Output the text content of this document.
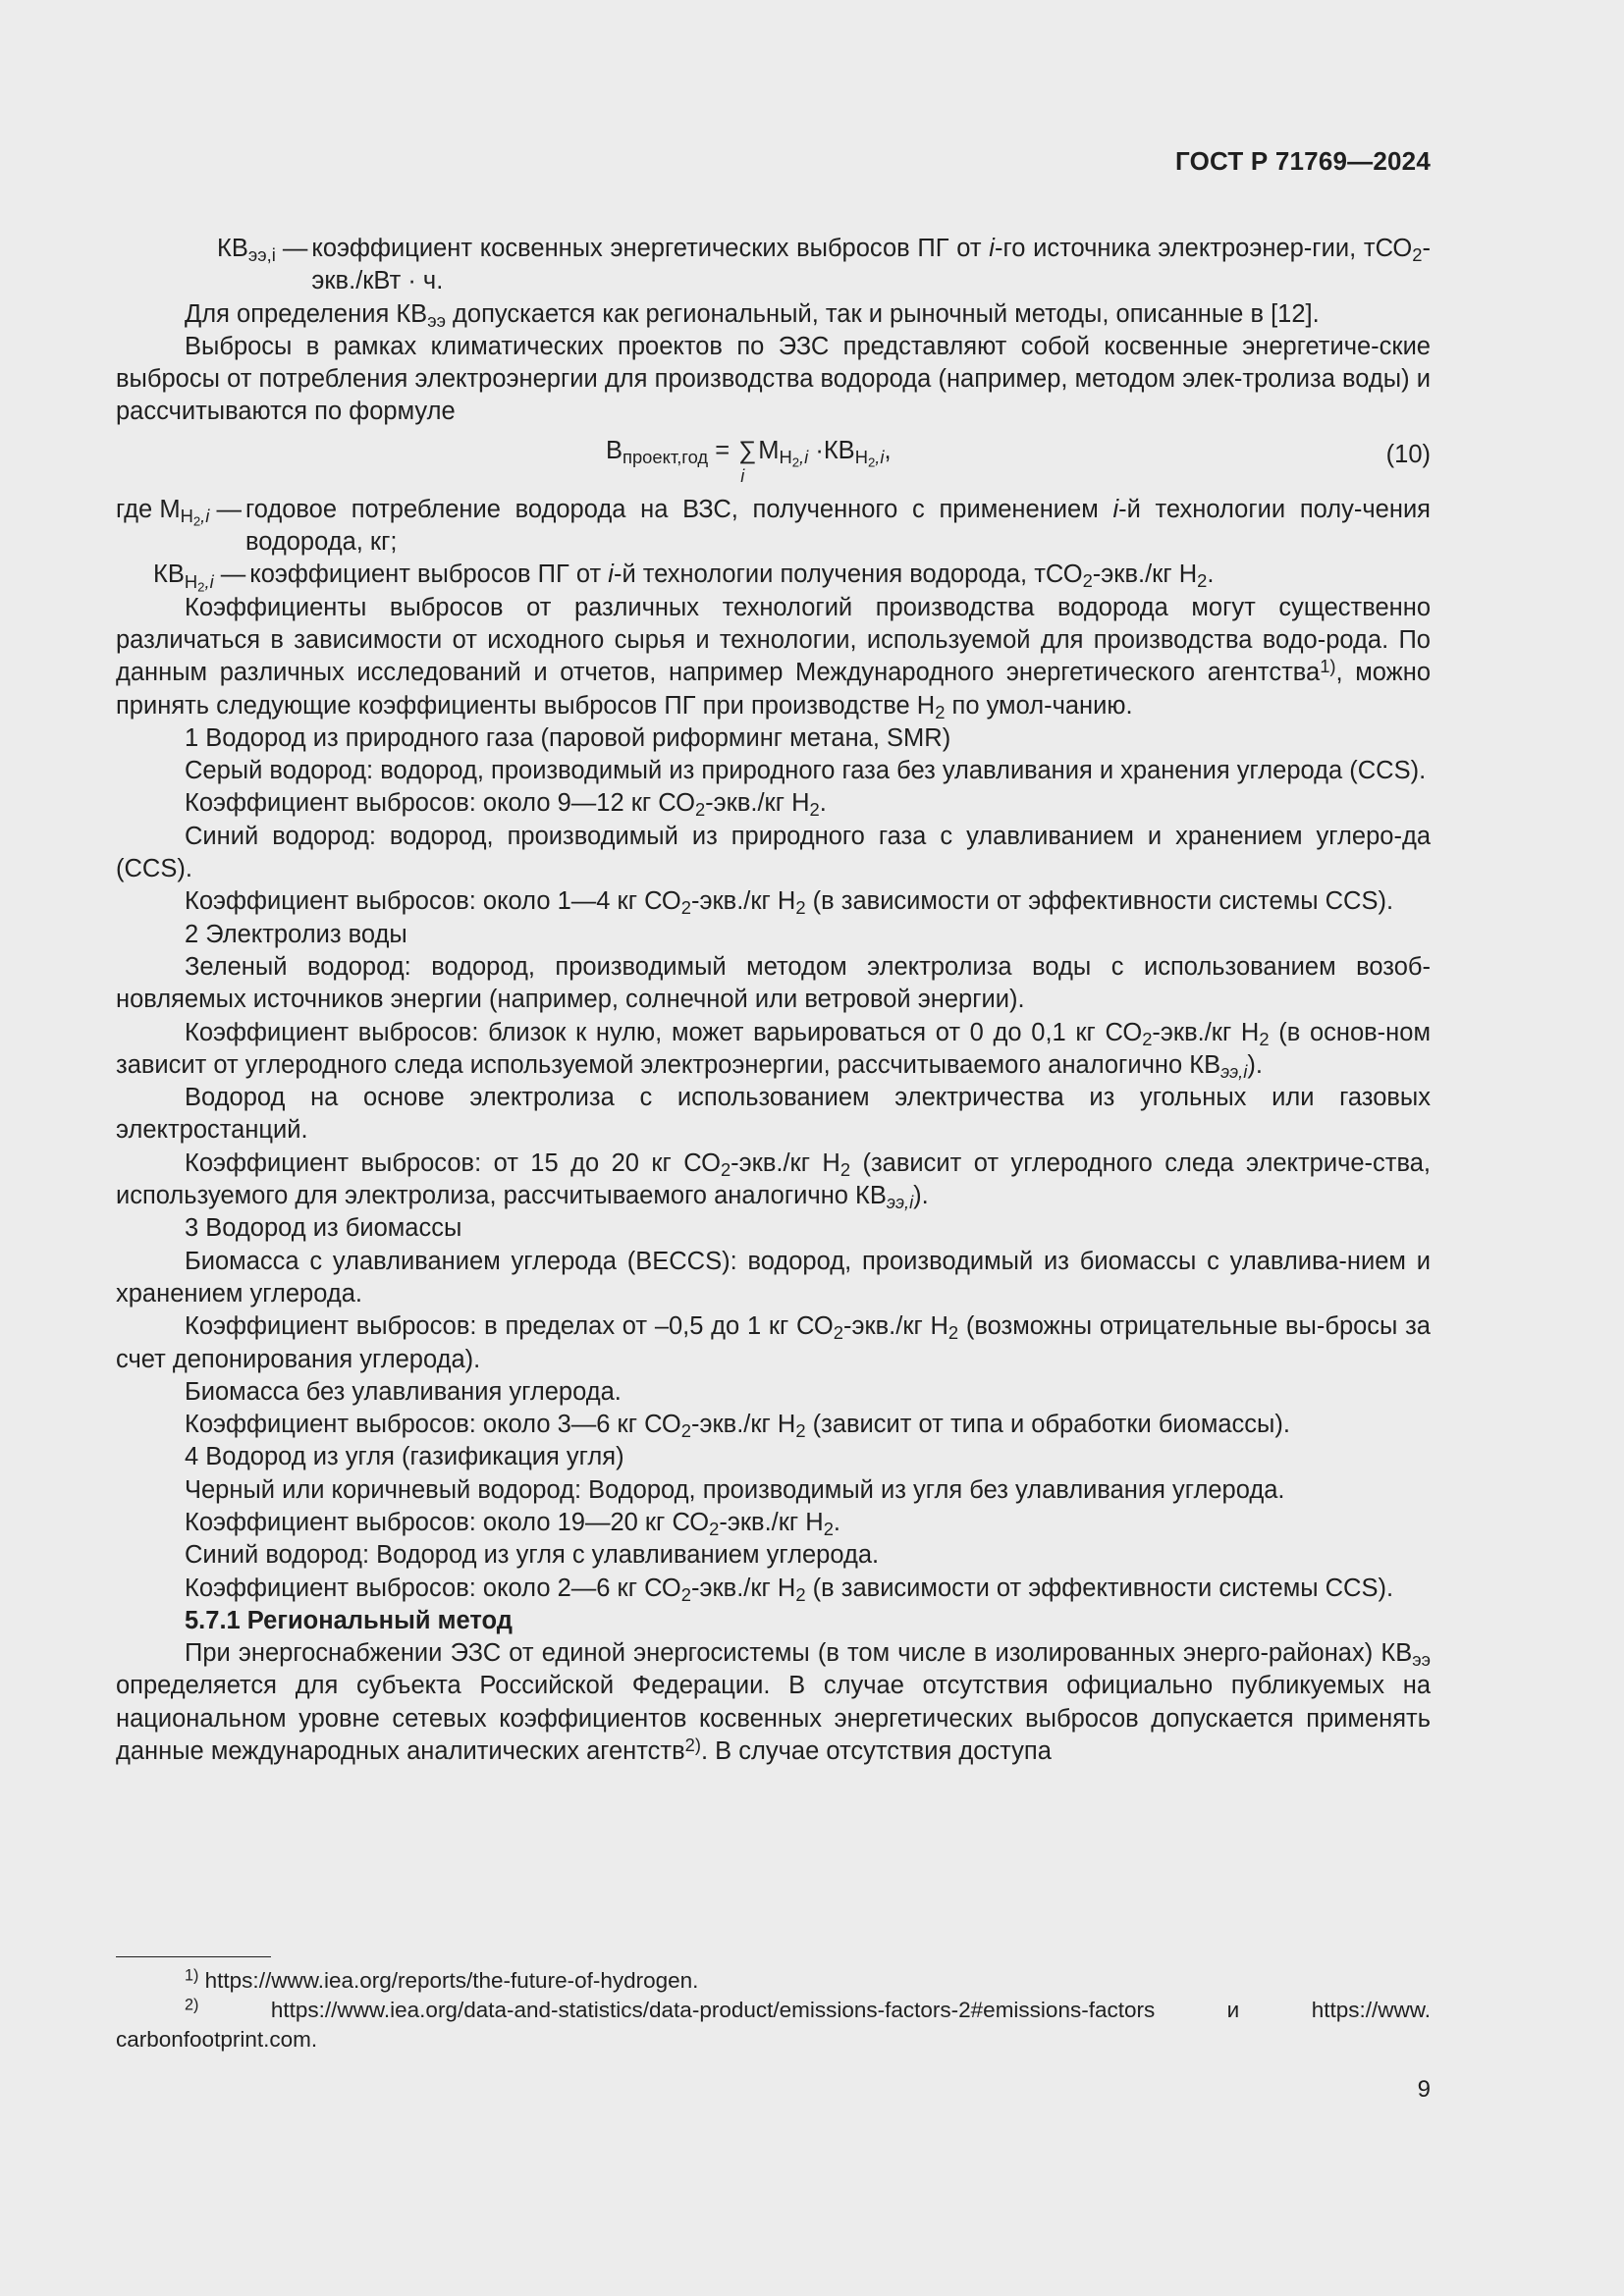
ГОСТ Р 71769—2024
$КВ_{ээ,i}$ — коэффициент косвенных энергетических выбросов ПГ от i-го источника электроэнер-гии, тСО$_2$-экв./кВт · ч.

Для определения $КВ_{ээ}$ допускается как региональный, так и рыночный методы, описанные в [12].

Выбросы в рамках климатических проектов по ЭЗС представляют собой косвенные энергетиче-ские выбросы от потребления электроэнергии для производства водорода (например, методом элек-тролиза воды) и рассчитываются по формуле

$В_{проект,год}$ = ∑
i
$М_{Н_2,i} \cdot КВ_{Н_2,i}$,	(10)
где $М_{Н_2,i}$ — годовое потребление водорода на ВЗС, полученного с применением i-й технологии полу-чения водорода, кг;
$КВ_{Н_2,i}$ — коэффициент выбросов ПГ от i-й технологии получения водорода, тСО$_2$-экв./кг $Н_2$.

Коэффициенты выбросов от различных технологий производства водорода могут существенно различаться в зависимости от исходного сырья и технологии, используемой для производства водо-рода. По данным различных исследований и отчетов, например Международного энергетического агентства$^{1)}$, можно принять следующие коэффициенты выбросов ПГ при производстве $Н_2$ по умол-чанию.

1 Водород из природного газа (паровой риформинг метана, SMR)

Серый водород: водород, производимый из природного газа без улавливания и хранения углерода (CCS).

Коэффициент выбросов: около 9—12 кг $СО_2-экв./кг$ $Н_2$.

Синий водород: водород, производимый из природного газа с улавливанием и хранением углеро-да (CCS).

Коэффициент выбросов: около 1—4 кг $СО_2-экв./кг$ $Н_2$ (в зависимости от эффективности системы CCS).

2 Электролиз воды

Зеленый водород: водород, производимый методом электролиза воды с использованием возоб-новляемых источников энергии (например, солнечной или ветровой энергии).

Коэффициент выбросов: близок к нулю, может варьироваться от 0 до 0,1 кг $СО_2-экв./кг$ $Н_2$ (в основ-ном зависит от углеродного следа используемой электроэнергии, рассчитываемого аналогично $КВ_{ээ,i}$).

Водород на основе электролиза с использованием электричества из угольных или газовых электростанций.

Коэффициент выбросов: от 15 до 20 кг $СО_2-экв./кг$ $Н_2$ (зависит от углеродного следа электриче-ства, используемого для электролиза, рассчитываемого аналогично $КВ_{ээ,i}$).

3 Водород из биомассы

Биомасса с улавливанием углерода (BECCS): водород, производимый из биомассы с улавлива-нием и хранением углерода.

Коэффициент выбросов: в пределах от –0,5 до 1 кг $СО_2-экв./кг$ $Н_2$ (возможны отрицательные вы-бросы за счет депонирования углерода).

Биомасса без улавливания углерода.

Коэффициент выбросов: около 3—6 кг $СО_2-экв./кг$ $Н_2$ (зависит от типа и обработки биомассы).

4 Водород из угля (газификация угля)

Черный или коричневый водород: Водород, производимый из угля без улавливания углерода.

Коэффициент выбросов: около 19—20 кг $СО_2-экв./кг$ $Н_2$.

Синий водород: Водород из угля с улавливанием углерода.

Коэффициент выбросов: около 2—6 кг $СО_2-экв./кг$ $Н_2$ (в зависимости от эффективности системы CCS).

5.7.1 Региональный метод

При энергоснабжении ЭЗС от единой энергосистемы (в том числе в изолированных энерго-районах) $КВ_{ээ}$ определяется для субъекта Российской Федерации. В случае отсутствия официально публикуемых на национальном уровне сетевых коэффициентов косвенных энергетических выбросов допускается применять данные международных аналитических агентств$^{2)}$. В случае отсутствия доступа

$^{1)}$ https://www.iea.org/reports/the-future-of-hydrogen.

$^{2)}$ https://www.iea.org/data-and-statistics/data-product/emissions-factors-2#emissions-factors и https://www. carbonfootprint.com.

9
